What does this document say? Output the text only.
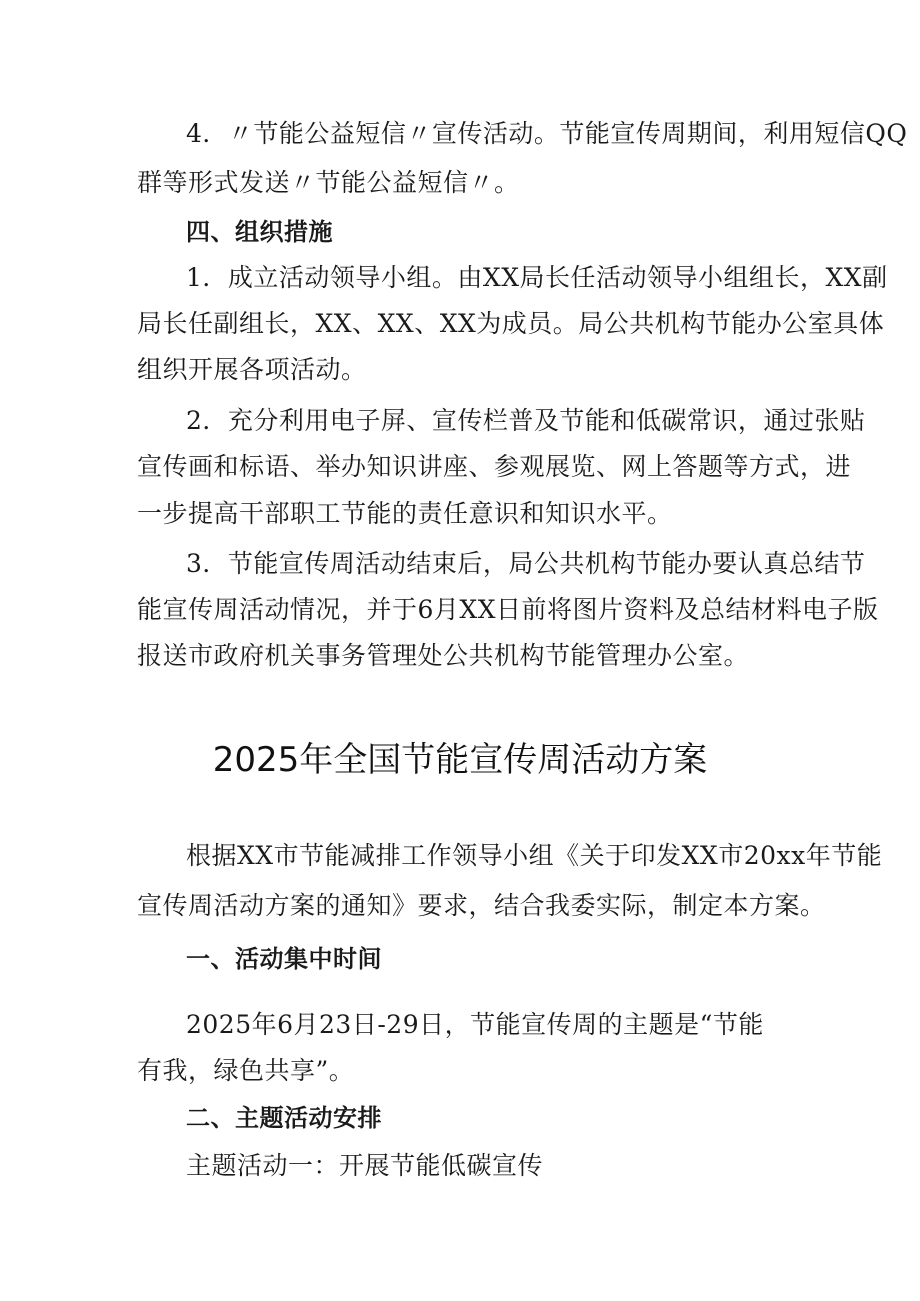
4．〃节能公益短信〃宣传活动。节能宣传周期间，利用短信QQ
群等形式发送〃节能公益短信〃。
四、组织措施
1．成立活动领导小组。由XX局长任活动领导小组组长，XX副
局长任副组长，XX、XX、XX为成员。局公共机构节能办公室具体
组织开展各项活动。
2．充分利用电子屏、宣传栏普及节能和低碳常识，通过张贴
宣传画和标语、举办知识讲座、参观展览、网上答题等方式，进
一步提高干部职工节能的责任意识和知识水平。
3．节能宣传周活动结束后，局公共机构节能办要认真总结节
能宣传周活动情况，并于6月XX日前将图片资料及总结材料电子版
报送市政府机关事务管理处公共机构节能管理办公室。
2025年全国节能宣传周活动方案
根据XX市节能减排工作领导小组《关于印发XX市20xx年节能
宣传周活动方案的通知》要求，结合我委实际，制定本方案。
一、活动集中时间
2025年6月23日-29日，节能宣传周的主题是“节能
有我，绿色共享”。
二、主题活动安排
主题活动一：开展节能低碳宣传
